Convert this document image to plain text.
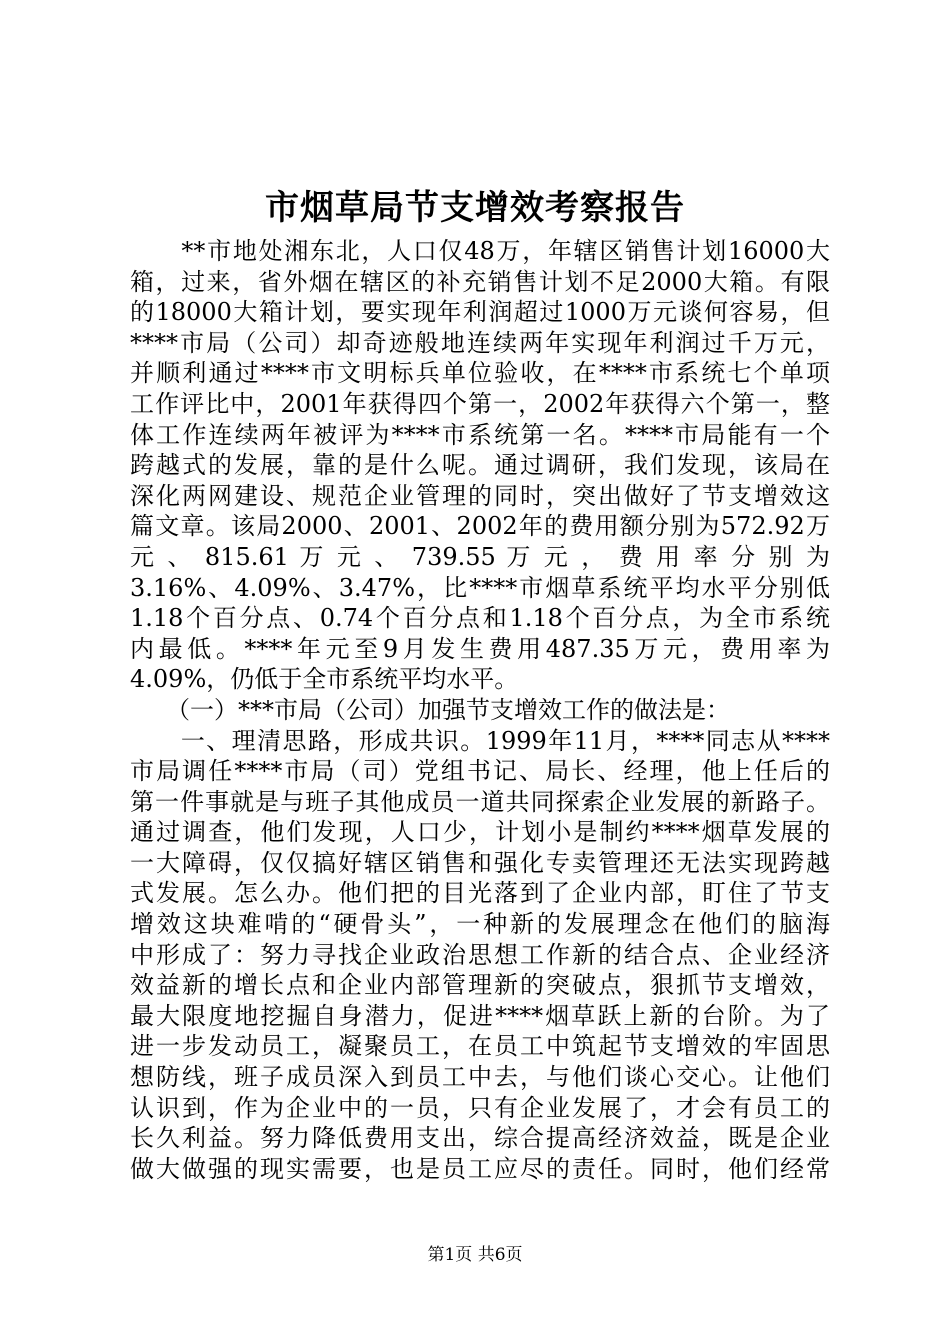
市烟草局节支增效考察报告
　　**市地处湘东北，人口仅48万，年辖区销售计划16000大
箱，过来，省外烟在辖区的补充销售计划不足2000大箱。有限
的18000大箱计划，要实现年利润超过1000万元谈何容易，但
****市局（公司）却奇迹般地连续两年实现年利润过千万元，
并顺利通过****市文明标兵单位验收，在****市系统七个单项
工作评比中，2001年获得四个第一，2002年获得六个第一，整
体工作连续两年被评为****市系统第一名。****市局能有一个
跨越式的发展，靠的是什么呢。通过调研，我们发现，该局在
深化两网建设、规范企业管理的同时，突出做好了节支增效这
篇文章。该局2000、2001、2002年的费用额分别为572.92万
元 、 815.61 万 元 、 739.55 万 元 ， 费 用 率 分 别 为
3.16%、4.09%、3.47%，比****市烟草系统平均水平分别低
1.18个百分点、0.74个百分点和1.18个百分点，为全市系统
内最低。****年元至9月发生费用487.35万元，费用率为
4.09%，仍低于全市系统平均水平。
　　（一）***市局（公司）加强节支增效工作的做法是：
　　一、理清思路，形成共识。1999年11月，****同志从****
市局调任****市局（司）党组书记、局长、经理，他上任后的
第一件事就是与班子其他成员一道共同探索企业发展的新路子。
通过调查，他们发现，人口少，计划小是制约****烟草发展的
一大障碍，仅仅搞好辖区销售和强化专卖管理还无法实现跨越
式发展。怎么办。他们把的目光落到了企业内部，盯住了节支
增效这块难啃的“硬骨头”，一种新的发展理念在他们的脑海
中形成了：努力寻找企业政治思想工作新的结合点、企业经济
效益新的增长点和企业内部管理新的突破点，狠抓节支增效，
最大限度地挖掘自身潜力，促进****烟草跃上新的台阶。为了
进一步发动员工，凝聚员工，在员工中筑起节支增效的牢固思
想防线，班子成员深入到员工中去，与他们谈心交心。让他们
认识到，作为企业中的一员，只有企业发展了，才会有员工的
长久利益。努力降低费用支出，综合提高经济效益，既是企业
做大做强的现实需要，也是员工应尽的责任。同时，他们经常
第1页 共6页
